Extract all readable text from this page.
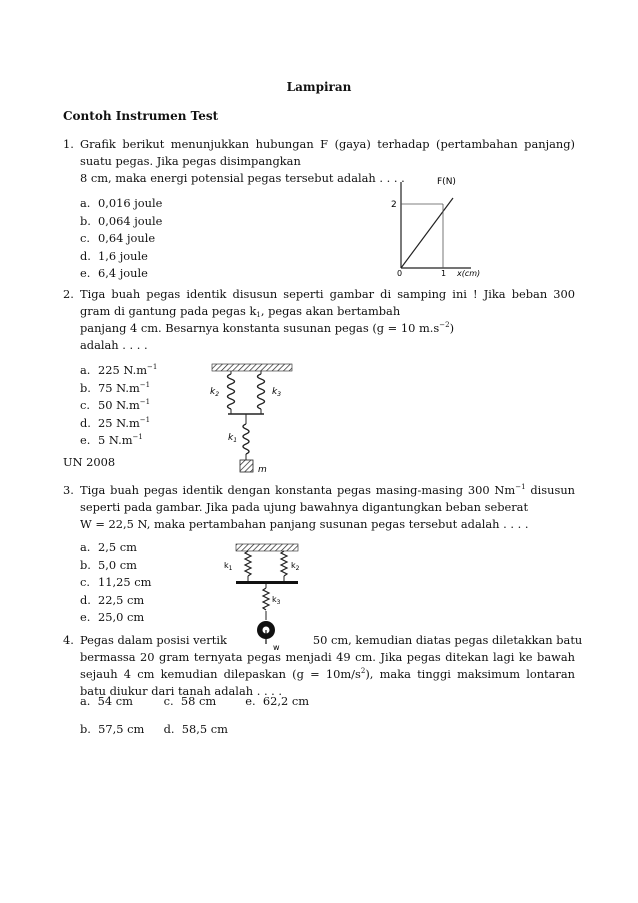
Lampiran
Contoh Instrumen Test
1. Grafik berikut menunjukkan hubungan F (gaya) terhadap (pertambahan panjang) suatu pegas. Jika pegas disimpangkan
8 cm, maka energi potensial pegas tersebut adalah . . . .
a. 0,016 joule
b. 0,064 joule
c. 0,64 joule
d. 1,6 joule
e. 6,4 joule
F(N)
2
0	1 x(cm)
2. Tiga buah pegas identik disusun seperti gambar di samping ini ! Jika beban 300 gram di gantung pada pegas $k_1$, pegas akan bertambah
panjang 4 cm. Besarnya konstanta susunan pegas (g = 10 $m.s^{-2}$)
adalah . . . .
a. 225 $N.m^{-1}$
b. 75 $N.m^{-1}$
c. 50 $N.m^{-1}$
d. 25 $N.m^{-1}$
e. 5 $N.m^{-1}$
$k_2$	$k_3$
$k_1$
m
UN 2008
3. Tiga buah pegas identik dengan konstanta pegas masing-masing 300 $Nm^{-1}$ disusun seperti pada gambar. Jika pada ujung bawahnya digantungkan beban seberat
W = 22,5 N, maka pertambahan panjang susunan pegas tersebut adalah . . . .
a. 2,5 cm
b. 5,0 cm
c. 11,25 cm
d. 22,5 cm
e. 25,0 cm
$k_1$	$k_2$
$k_3$
w
4. Pegas dalam posisi vertik	50 cm, kemudian diatas pegas diletakkan batu
bermassa 20 gram ternyata pegas menjadi 49 cm. Jika pegas ditekan lagi ke bawah sejauh 4 cm kemudian dilepaskan $(g = 10m/s^2)$, maka tinggi maksimum lontaran batu diukur dari tanah adalah . . . .
a. 54 cm	c. 58 cm	e. 62,2 cm
b. 57,5 cm d. 58,5 cm
